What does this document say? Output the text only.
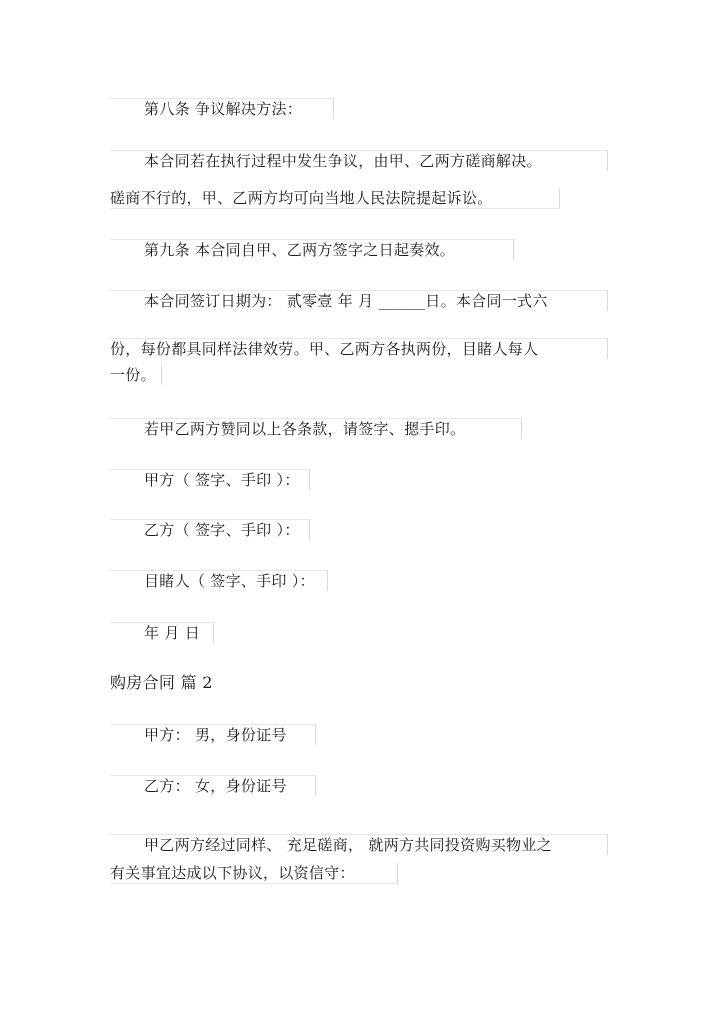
第八条 争议解决方法：
本合同若在执行过程中发生争议，由甲、乙两方磋商解决。
磋商不行的，甲、乙两方均可向当地人民法院提起诉讼。
第九条 本合同自甲、乙两方签字之日起奏效。
本合同签订日期为： 贰零壹 年 月 ______日。本合同一式六
份，每份都具同样法律效劳。甲、乙两方各执两份，目睹人每人
一份。
若甲乙两方赞同以上各条款，请签字、摁手印。
甲方（ 签字、手印 ）：
乙方（ 签字、手印 ）：
目睹人（ 签字、手印 ）：
年 月 日
购房合同 篇 2
甲方： 男，身份证号
乙方： 女，身份证号
甲乙两方经过同样、 充足磋商， 就两方共同投资购买物业之
有关事宜达成以下协议，以资信守：
